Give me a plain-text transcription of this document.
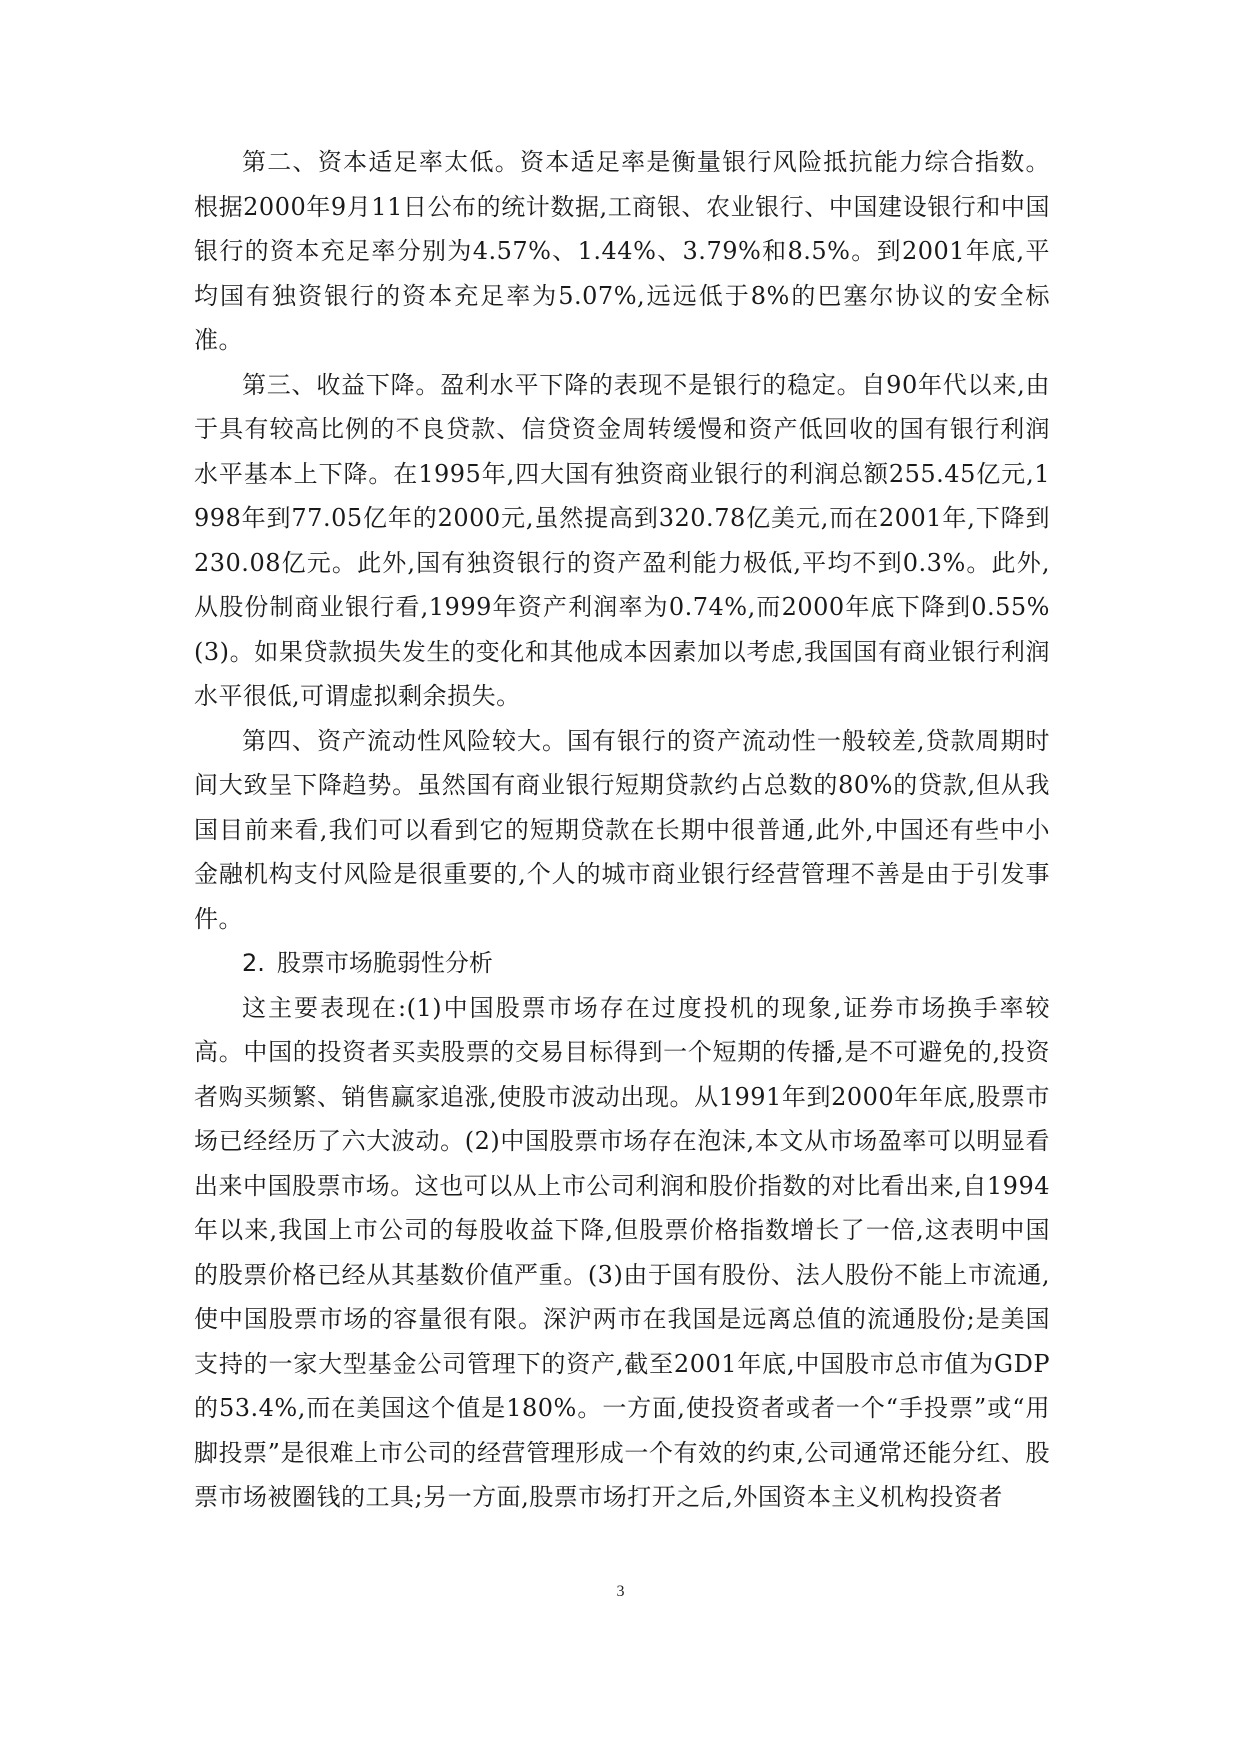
第二、资本适足率太低。资本适足率是衡量银行风险抵抗能力综合指数。根据2000年9月11日公布的统计数据,工商银、农业银行、中国建设银行和中国银行的资本充足率分别为4.57%、1.44%、3.79%和8.5%。到2001年底,平均国有独资银行的资本充足率为5.07%,远远低于8%的巴塞尔协议的安全标准。

第三、收益下降。盈利水平下降的表现不是银行的稳定。自90年代以来,由于具有较高比例的不良贷款、信贷资金周转缓慢和资产低回收的国有银行利润水平基本上下降。在1995年,四大国有独资商业银行的利润总额255.45亿元,1998年到77.05亿年的2000元,虽然提高到320.78亿美元,而在2001年,下降到230.08亿元。此外,国有独资银行的资产盈利能力极低,平均不到0.3%。此外,从股份制商业银行看,1999年资产利润率为0.74%,而2000年底下降到0.55%(3)。如果贷款损失发生的变化和其他成本因素加以考虑,我国国有商业银行利润水平很低,可谓虚拟剩余损失。

第四、资产流动性风险较大。国有银行的资产流动性一般较差,贷款周期时间大致呈下降趋势。虽然国有商业银行短期贷款约占总数的80%的贷款,但从我国目前来看,我们可以看到它的短期贷款在长期中很普通,此外,中国还有些中小金融机构支付风险是很重要的,个人的城市商业银行经营管理不善是由于引发事件。

2. 股票市场脆弱性分析

这主要表现在:(1)中国股票市场存在过度投机的现象,证券市场换手率较高。中国的投资者买卖股票的交易目标得到一个短期的传播,是不可避免的,投资者购买频繁、销售赢家追涨,使股市波动出现。从1991年到2000年年底,股票市场已经经历了六大波动。(2)中国股票市场存在泡沫,本文从市场盈率可以明显看出来中国股票市场。这也可以从上市公司利润和股价指数的对比看出来,自1994年以来,我国上市公司的每股收益下降,但股票价格指数增长了一倍,这表明中国的股票价格已经从其基数价值严重。(3)由于国有股份、法人股份不能上市流通,使中国股票市场的容量很有限。深沪两市在我国是远离总值的流通股份;是美国支持的一家大型基金公司管理下的资产,截至2001年底,中国股市总市值为GDP的53.4%,而在美国这个值是180%。一方面,使投资者或者一个“手投票”或“用脚投票”是很难上市公司的经营管理形成一个有效的约束,公司通常还能分红、股票市场被圈钱的工具;另一方面,股票市场打开之后,外国资本主义机构投资者

3
